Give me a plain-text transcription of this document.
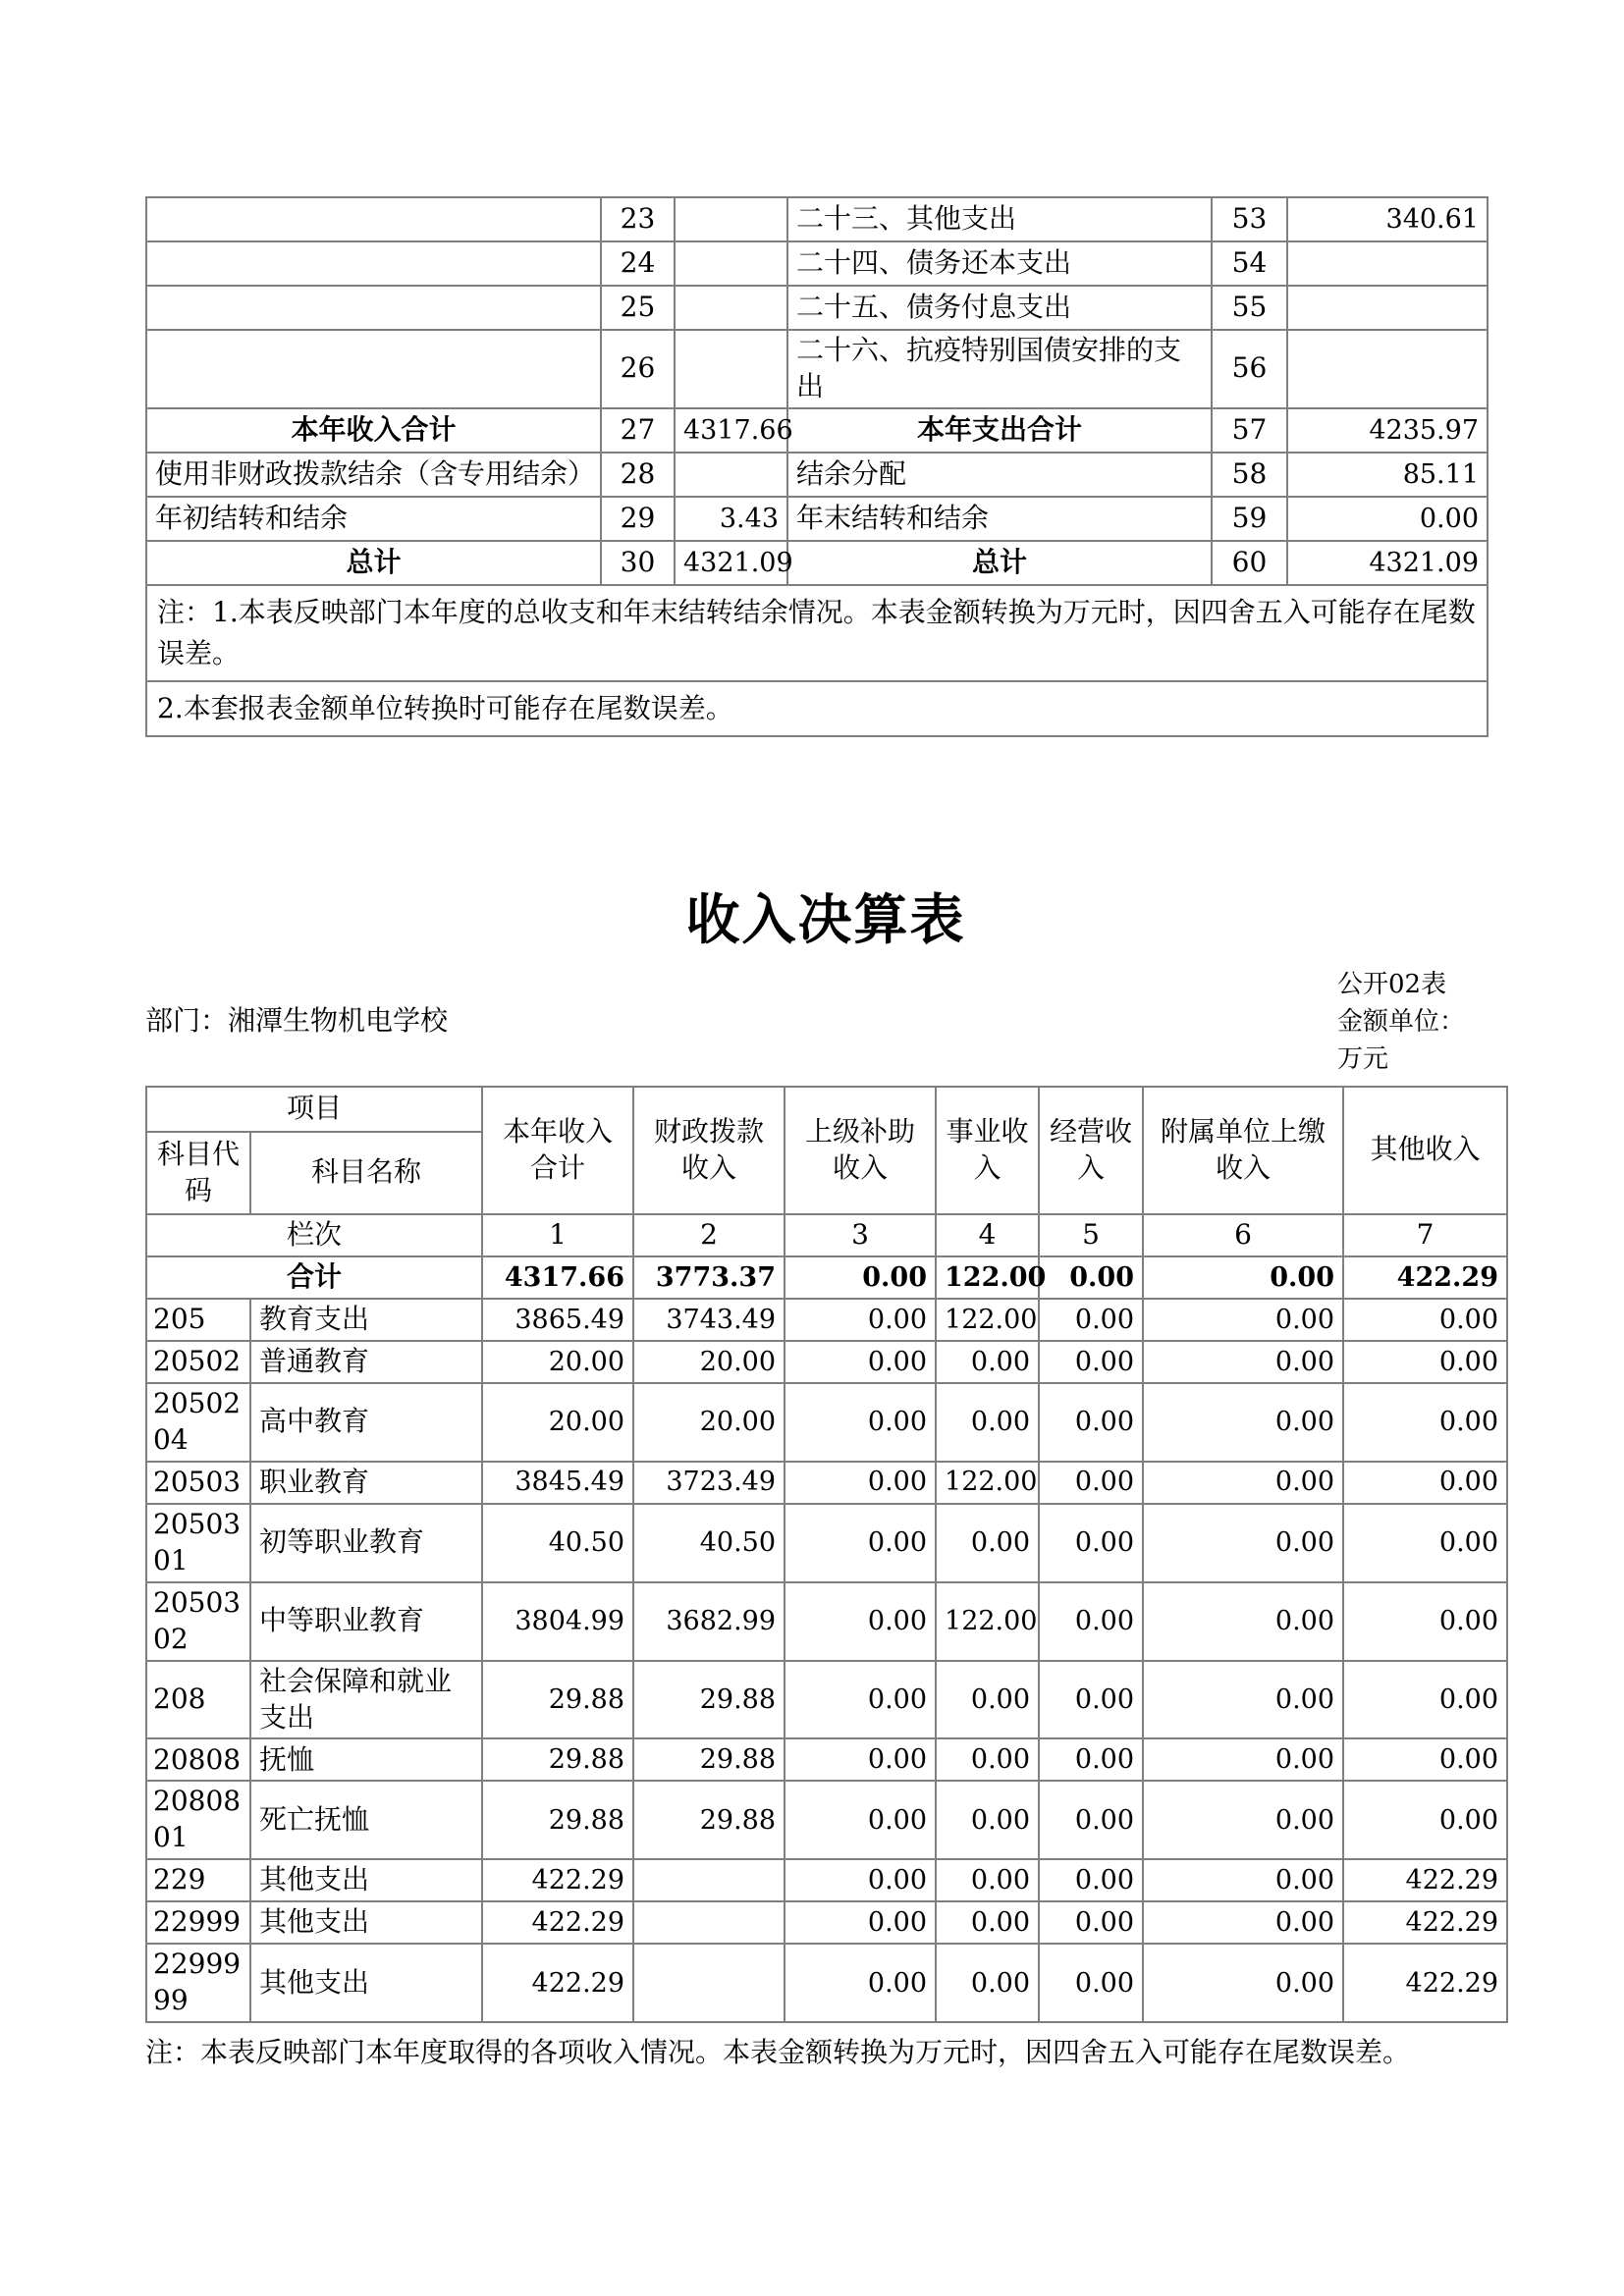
	23		二十三、其他支出	53	340.61
	24		二十四、债务还本支出	54	
	25		二十五、债务付息支出	55	
	26		二十六、抗疫特别国债安排的支出	56	
本年收入合计	27	4317.66	本年支出合计	57	4235.97
使用非财政拨款结余（含专用结余）	28		结余分配	58	85.11
年初结转和结余	29	3.43	年末结转和结余	59	0.00
总计	30	4321.09	总计	60	4321.09
注：1.本表反映部门本年度的总收支和年末结转结余情况。本表金额转换为万元时，因四舍五入可能存在尾数误差。					
2.本套报表金额单位转换时可能存在尾数误差。					
收入决算表
部门：湘潭生物机电学校
公开02表
金额单位：
万元
项目		本年收入合计	财政拨款收入	上级补助收入	事业收入	经营收入	附属单位上缴收入	其他收入
科目代码	科目名称							
栏次		1	2	3	4	5	6	7
合计		4317.66	3773.37	0.00	122.00	0.00	0.00	422.29
205	教育支出	3865.49	3743.49	0.00	122.00	0.00	0.00	0.00
20502	普通教育	20.00	20.00	0.00	0.00	0.00	0.00	0.00
2050204	高中教育	20.00	20.00	0.00	0.00	0.00	0.00	0.00
20503	职业教育	3845.49	3723.49	0.00	122.00	0.00	0.00	0.00
2050301	初等职业教育	40.50	40.50	0.00	0.00	0.00	0.00	0.00
2050302	中等职业教育	3804.99	3682.99	0.00	122.00	0.00	0.00	0.00
208	社会保障和就业支出	29.88	29.88	0.00	0.00	0.00	0.00	0.00
20808	抚恤	29.88	29.88	0.00	0.00	0.00	0.00	0.00
2080801	死亡抚恤	29.88	29.88	0.00	0.00	0.00	0.00	0.00
229	其他支出	422.29		0.00	0.00	0.00	0.00	422.29
22999	其他支出	422.29		0.00	0.00	0.00	0.00	422.29
2299999	其他支出	422.29		0.00	0.00	0.00	0.00	422.29
注：本表反映部门本年度取得的各项收入情况。本表金额转换为万元时，因四舍五入可能存在尾数误差。
